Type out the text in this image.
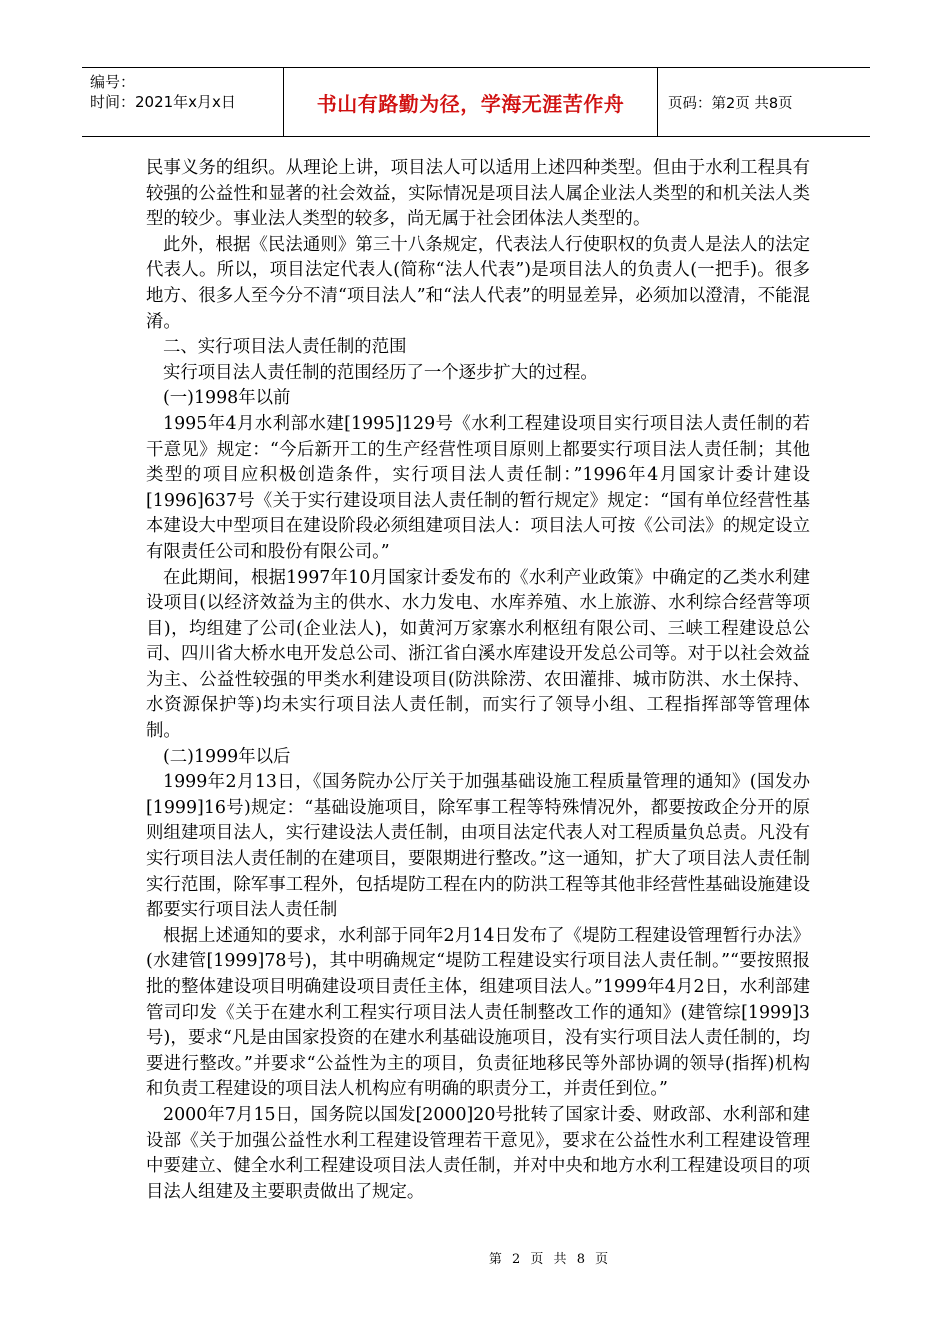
编号：
时间：2021年x月x日	书山有路勤为径，学海无涯苦作舟	页码：第2页 共8页

民事义务的组织。从理论上讲，项目法人可以适用上述四种类型。但由于水利工程具有较强的公益性和显著的社会效益，实际情况是项目法人属企业法人类型的和机关法人类型的较少。事业法人类型的较多，尚无属于社会团体法人类型的。

此外，根据《民法通则》第三十八条规定，代表法人行使职权的负责人是法人的法定代表人。所以，项目法定代表人(简称“法人代表”)是项目法人的负责人(一把手)。很多地方、很多人至今分不清“项目法人”和“法人代表”的明显差异，必须加以澄清，不能混淆。

二、实行项目法人责任制的范围

实行项目法人责任制的范围经历了一个逐步扩大的过程。

(一)1998年以前

1995年4月水利部水建[1995]129号《水利工程建设项目实行项目法人责任制的若干意见》规定：“今后新开工的生产经营性项目原则上都要实行项目法人责任制；其他类型的项目应积极创造条件，实行项目法人责任制：”1996年4月国家计委计建设[1996]637号《关于实行建设项目法人责任制的暂行规定》规定：“国有单位经营性基本建设大中型项目在建设阶段必须组建项目法人：项目法人可按《公司法》的规定设立有限责任公司和股份有限公司。”

在此期间，根据1997年10月国家计委发布的《水利产业政策》中确定的乙类水利建设项目(以经济效益为主的供水、水力发电、水库养殖、水上旅游、水利综合经营等项目)，均组建了公司(企业法人)，如黄河万家寨水利枢纽有限公司、三峡工程建设总公司、四川省大桥水电开发总公司、浙江省白溪水库建设开发总公司等。对于以社会效益为主、公益性较强的甲类水利建设项目(防洪除涝、农田灌排、城市防洪、水土保持、水资源保护等)均未实行项目法人责任制，而实行了领导小组、工程指挥部等管理体制。

(二)1999年以后

1999年2月13日，《国务院办公厅关于加强基础设施工程质量管理的通知》(国发办[1999]16号)规定：“基础设施项目，除军事工程等特殊情况外，都要按政企分开的原则组建项目法人，实行建设法人责任制，由项目法定代表人对工程质量负总责。凡没有实行项目法人责任制的在建项目，要限期进行整改。”这一通知，扩大了项目法人责任制实行范围，除军事工程外，包括堤防工程在内的防洪工程等其他非经营性基础设施建设都要实行项目法人责任制

根据上述通知的要求，水利部于同年2月14日发布了《堤防工程建设管理暂行办法》(水建管[1999]78号)，其中明确规定“堤防工程建设实行项目法人责任制。”“要按照报批的整体建设项目明确建设项目责任主体，组建项目法人。”1999年4月2日，水利部建管司印发《关于在建水利工程实行项目法人责任制整改工作的通知》(建管综[1999]3号)，要求“凡是由国家投资的在建水利基础设施项目，没有实行项目法人责任制的，均要进行整改。”并要求“公益性为主的项目，负责征地移民等外部协调的领导(指挥)机构和负责工程建设的项目法人机构应有明确的职责分工，并责任到位。”

2000年7月15日，国务院以国发[2000]20号批转了国家计委、财政部、水利部和建设部《关于加强公益性水利工程建设管理若干意见》，要求在公益性水利工程建设管理中要建立、健全水利工程建设项目法人责任制，并对中央和地方水利工程建设项目的项目法人组建及主要职责做出了规定。

第 2 页 共 8 页
